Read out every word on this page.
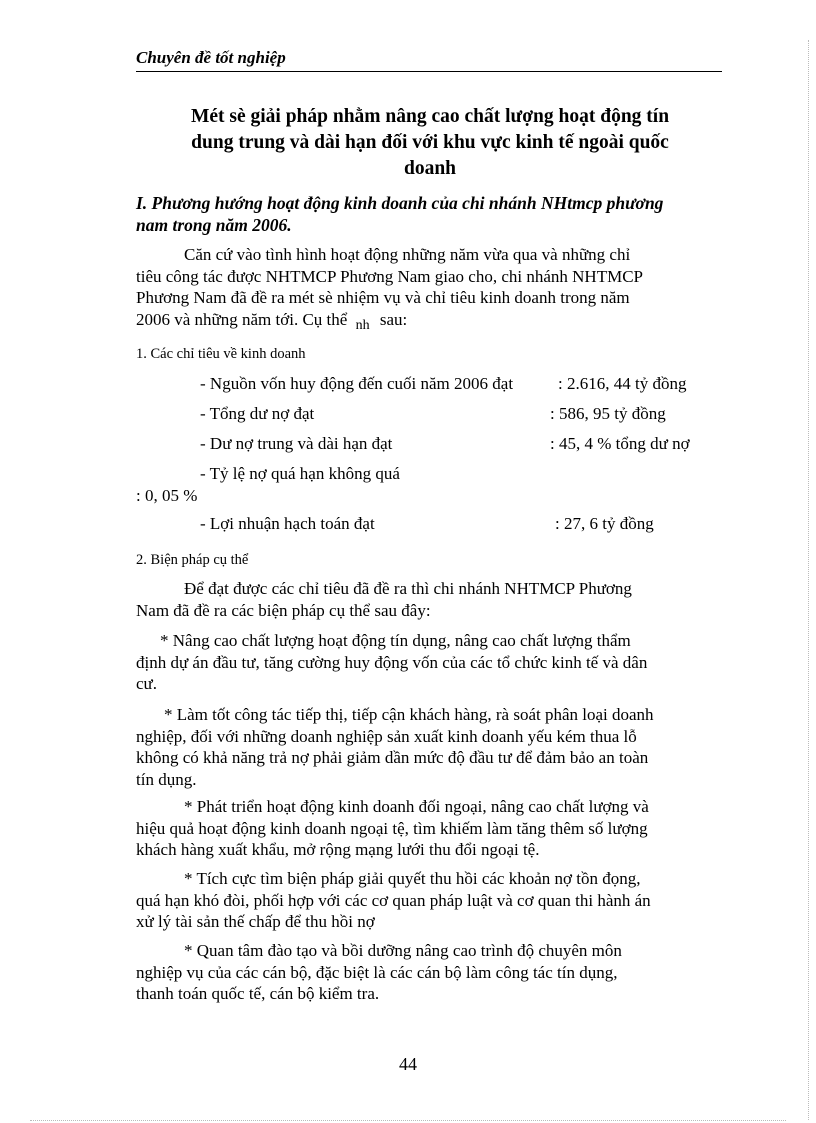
Chuyên đề tốt nghiệp
Mét sè giải pháp nhằm nâng cao chất lượng hoạt động tín
dung trung và dài hạn đối với khu vực kinh tế ngoài quốc
doanh
I. Phương hướng hoạt động kinh doanh của chi nhánh NHtmcp phương
nam trong năm 2006.
Căn cứ vào tình hình hoạt động những năm vừa qua và những chỉ
tiêu công tác được NHTMCP Phương Nam giao cho, chi nhánh NHTMCP
Phương Nam đã đề ra mét sè nhiệm vụ và chỉ tiêu kinh doanh trong năm
2006 và những năm tới. Cụ thể $_{nh}$ sau:
1. Các chỉ tiêu về kinh doanh
- Nguồn vốn huy động đến cuối năm 2006 đạt	: 2.616, 44 tỷ đồng
- Tổng dư nợ đạt	: 586, 95 tỷ đồng
- Dư nợ trung và dài hạn đạt	: 45, 4 % tổng dư nợ
- Tỷ lệ nợ quá hạn không quá
: 0, 05 %
- Lợi nhuận hạch toán đạt	: 27, 6 tỷ đồng
2. Biện pháp cụ thể
Để đạt được các chỉ tiêu đã đề ra thì chi nhánh NHTMCP Phương
Nam đã đề ra các biện pháp cụ thể sau đây:
* Nâng cao chất lượng hoạt động tín dụng, nâng cao chất lượng thẩm
định dự án đầu tư, tăng cường huy động vốn của các tổ chức kinh tế và dân
cư.
* Làm tốt công tác tiếp thị, tiếp cận khách hàng, rà soát phân loại doanh
nghiệp, đối với những doanh nghiệp sản xuất kinh doanh yếu kém thua lỗ
không có khả năng trả nợ phải giảm dần mức độ đầu tư để đảm bảo an toàn
tín dụng.
* Phát triển hoạt động kinh doanh đối ngoại, nâng cao chất lượng và
hiệu quả hoạt động kinh doanh ngoại tệ, tìm khiếm làm tăng thêm số lượng
khách hàng xuất khẩu, mở rộng mạng lưới thu đổi ngoại tệ.
* Tích cực tìm biện pháp giải quyết thu hồi các khoản nợ tồn đọng,
quá hạn khó đòi, phối hợp với các cơ quan pháp luật và cơ quan thi hành án
xử lý tài sản thế chấp để thu hồi nợ
* Quan tâm đào tạo và bồi dưỡng nâng cao trình độ chuyên môn
nghiệp vụ của các cán bộ, đặc biệt là các cán bộ làm công tác tín dụng,
thanh toán quốc tế, cán bộ kiểm tra.
44
